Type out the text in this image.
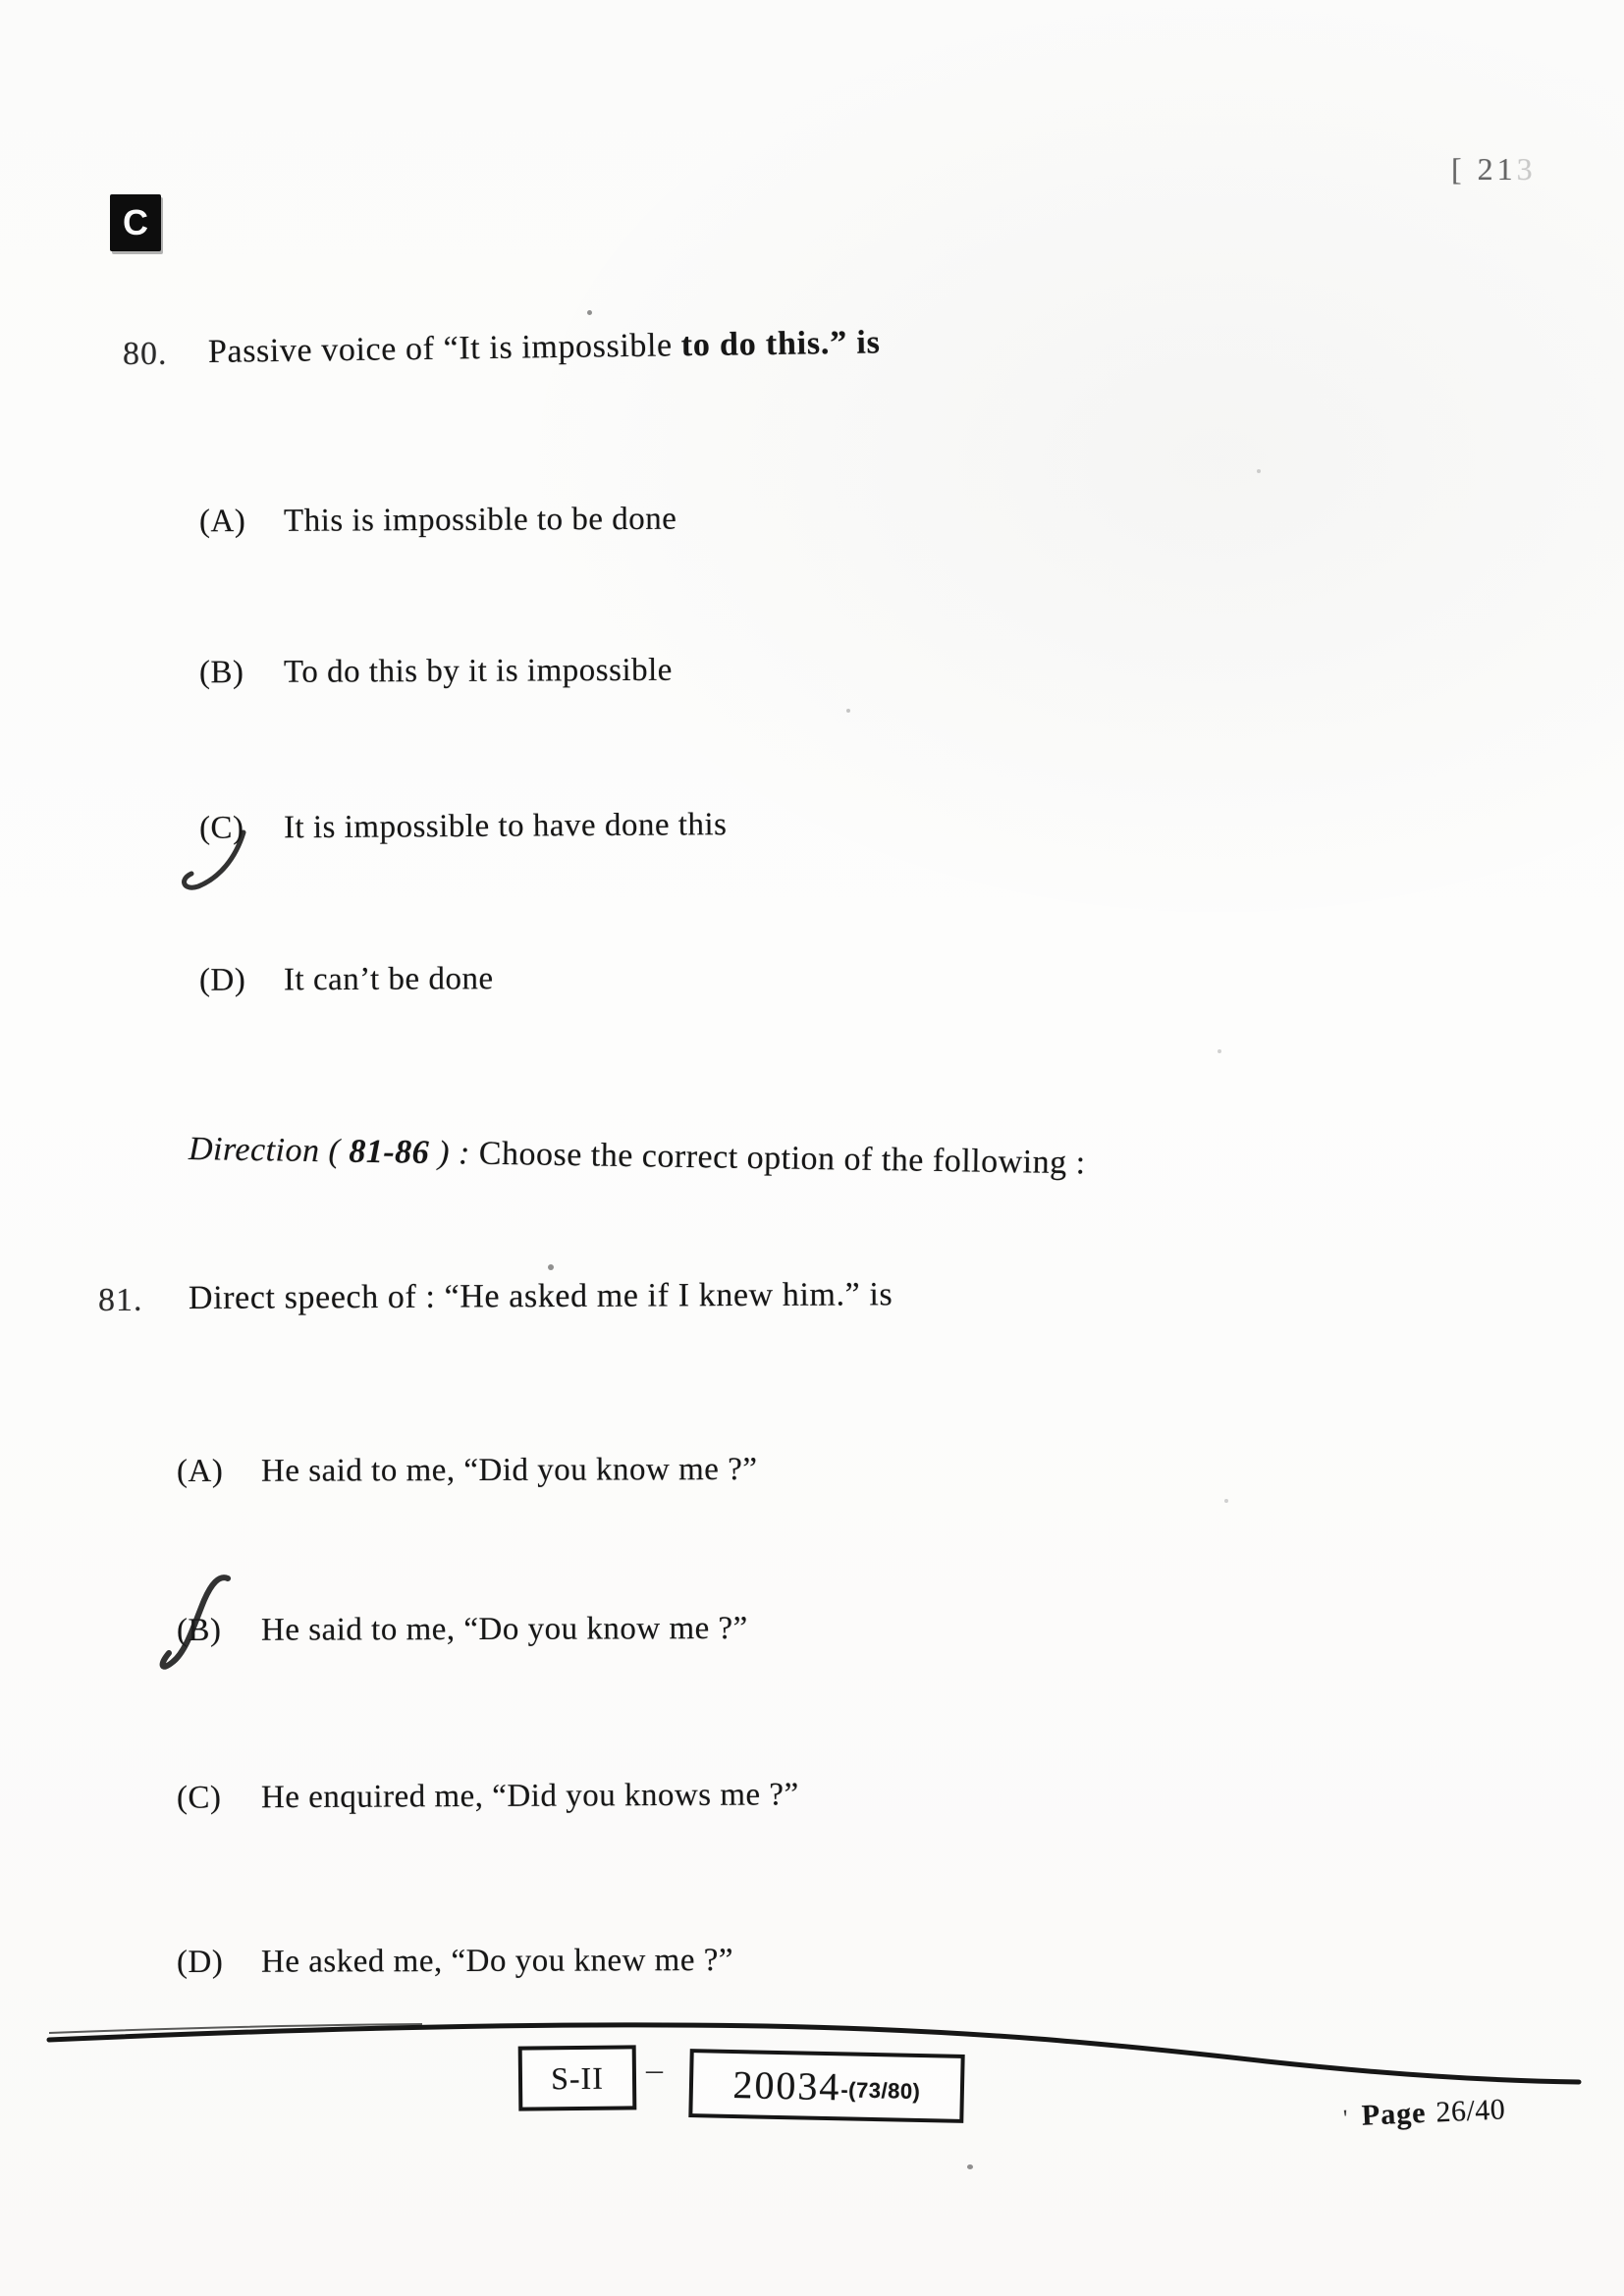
[ 213
C
80. Passive voice of “It is impossible to do this.” is
(A)	This is impossible to be done
(B)	To do this by it is impossible
(C)	It is impossible to have done this
(D)	It can’t be done
Direction ( 81-86 ) : Choose the correct option of the following :
81. Direct speech of : “He asked me if I knew him.” is
(A)	He said to me, “Did you know me ?”
(B)	He said to me, “Do you know me ?”
(C)	He enquired me, “Did you knows me ?”
(D)	He asked me, “Do you knew me ?”
S-II	– 20034 -(73/80)
' Page 26/40
